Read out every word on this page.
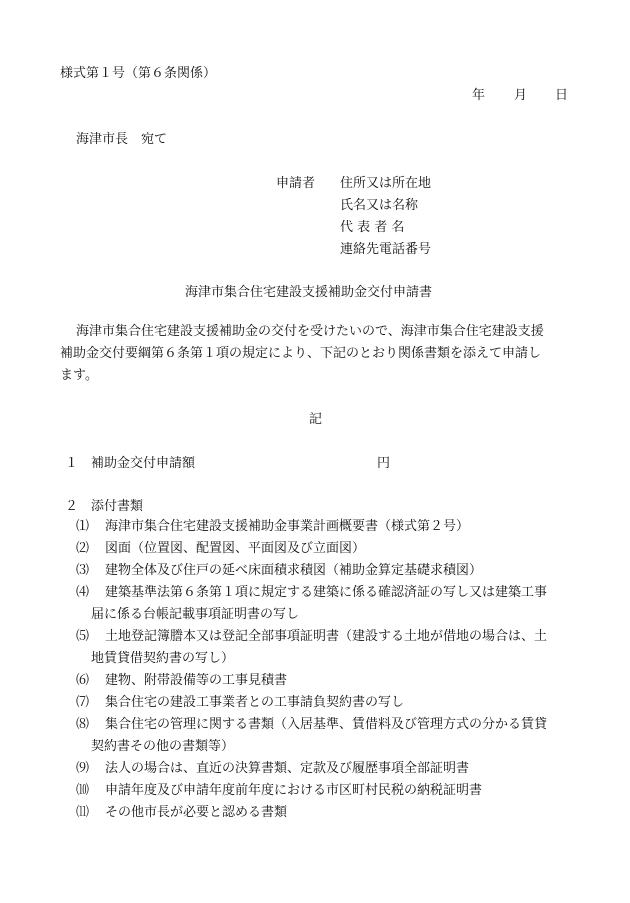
様式第１号（第６条関係）
年 月 日
海津市長　宛て
申請者 住所又は所在地
氏名又は名称
代 表 者 名
連絡先電話番号
海津市集合住宅建設支援補助金交付申請書
海津市集合住宅建設支援補助金の交付を受けたいので、海津市集合住宅建設支援
補助金交付要綱第６条第１項の規定により、下記のとおり関係書類を添えて申請し
ます。
記
１ 補助金交付申請額	円
２ 添付書類
⑴ 海津市集合住宅建設支援補助金事業計画概要書（様式第２号）
⑵ 図面（位置図、配置図、平面図及び立面図）
⑶ 建物全体及び住戸の延べ床面積求積図（補助金算定基礎求積図）
⑷ 建築基準法第６条第１項に規定する建築に係る確認済証の写し又は建築工事
届に係る台帳記載事項証明書の写し
⑸ 土地登記簿謄本又は登記全部事項証明書（建設する土地が借地の場合は、土
地賃貸借契約書の写し）
⑹ 建物、附帯設備等の工事見積書
⑺ 集合住宅の建設工事業者との工事請負契約書の写し
⑻ 集合住宅の管理に関する書類（入居基準、賃借料及び管理方式の分かる賃貸
契約書その他の書類等）
⑼ 法人の場合は、直近の決算書類、定款及び履歴事項全部証明書
⑽ 申請年度及び申請年度前年度における市区町村民税の納税証明書
⑾ その他市長が必要と認める書類
